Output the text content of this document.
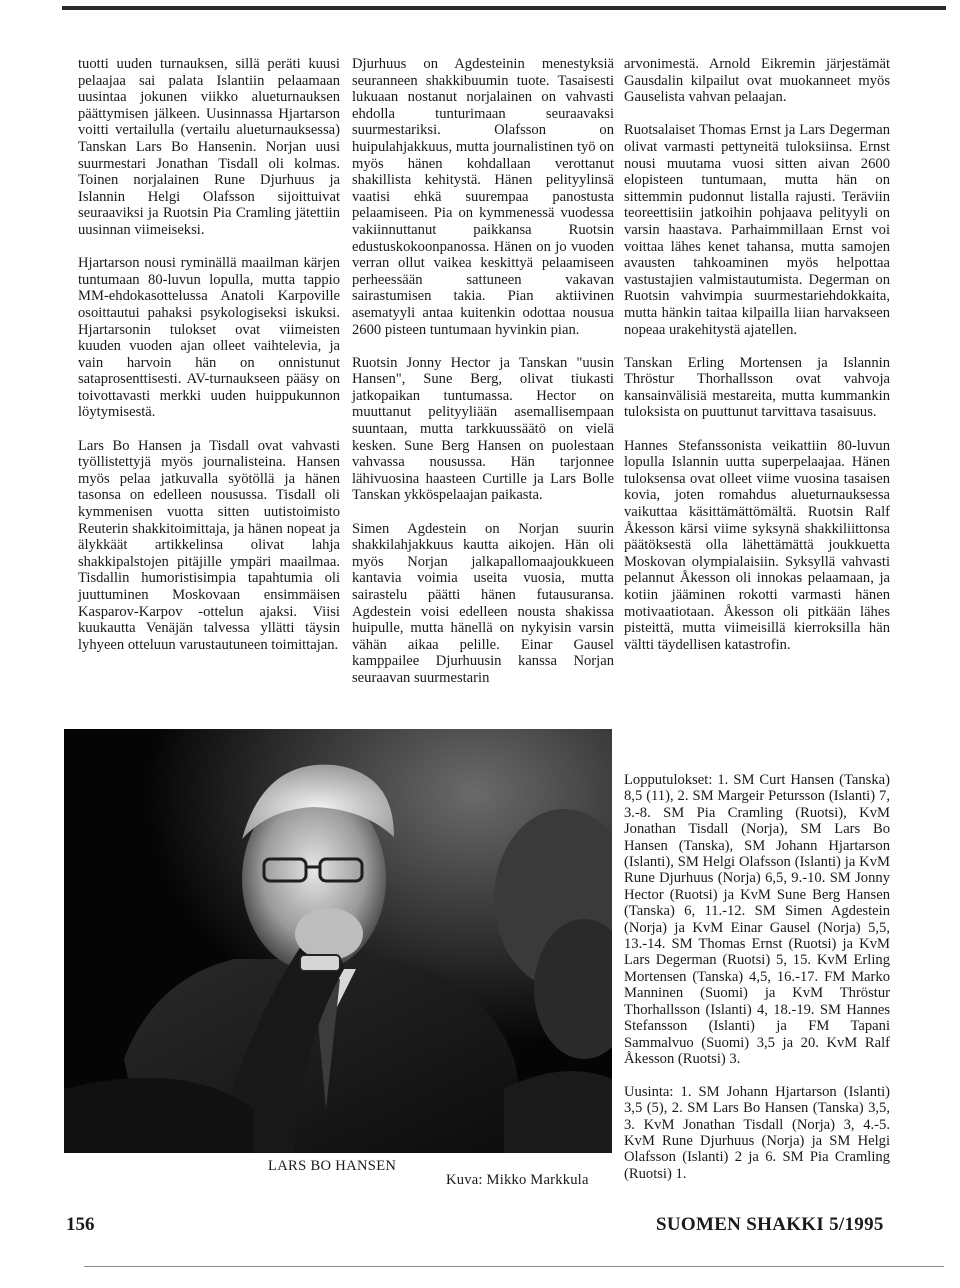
tuotti uuden turnauksen, sillä peräti kuusi pelaajaa sai palata Islantiin pelaamaan uusintaa jokunen viikko alueturnauksen päättymisen jälkeen. Uusinnassa Hjartarson voitti vertailulla (vertailu alueturnauksessa) Tanskan Lars Bo Hansenin. Norjan uusi suurmestari Jonathan Tisdall oli kolmas. Toinen norjalainen Rune Djurhuus ja Islannin Helgi Olafsson sijoittuivat seuraaviksi ja Ruotsin Pia Cramling jätettiin uusinnan viimeiseksi.

Hjartarson nousi ryminällä maailman kärjen tuntumaan 80-luvun lopulla, mutta tappio MM-ehdokasottelussa Anatoli Karpoville osoittautui pahaksi psykologiseksi iskuksi. Hjartarsonin tulokset ovat viimeisten kuuden vuoden ajan olleet vaihtelevia, ja vain harvoin hän on onnistunut sataprosenttisesti. AV-turnaukseen pääsy on toivottavasti merkki uuden huippukunnon löytymisestä.

Lars Bo Hansen ja Tisdall ovat vahvasti työllistettyjä myös journalisteina. Hansen myös pelaa jatkuvalla syötöllä ja hänen tasonsa on edelleen nousussa. Tisdall oli kymmenisen vuotta sitten uutistoimisto Reuterin shakkitoimittaja, ja hänen nopeat ja älykkäät artikkelinsa olivat lahja shakkipalstojen pitäjille ympäri maailmaa. Tisdallin humoristisimpia tapahtumia oli juuttuminen Moskovaan ensimmäisen Kasparov-Karpov -ottelun ajaksi. Viisi kuukautta Venäjän talvessa yllätti täysin lyhyeen otteluun varustautuneen toimittajan.

Djurhuus on Agdesteinin menestyksiä seuranneen shakkibuumin tuote. Tasaisesti lukuaan nostanut norjalainen on vahvasti ehdolla tunturimaan seuraavaksi suurmestariksi. Olafsson on huipulahjakkuus, mutta journalistinen työ on myös hänen kohdallaan verottanut shakillista kehitystä. Hänen pelityylinsä vaatisi ehkä suurempaa panostusta pelaamiseen. Pia on kymmenessä vuodessa vakiinnuttanut paikkansa Ruotsin edustuskokoonpanossa. Hänen on jo vuoden verran ollut vaikea keskittyä pelaamiseen perheessään sattuneen vakavan sairastumisen takia. Pian aktiivinen asematyyli antaa kuitenkin odottaa nousua 2600 pisteen tuntumaan hyvinkin pian.

Ruotsin Jonny Hector ja Tanskan "uusin Hansen", Sune Berg, olivat tiukasti jatkopaikan tuntumassa. Hector on muuttanut pelityyliään asemallisempaan suuntaan, mutta tarkkuussäätö on vielä kesken. Sune Berg Hansen on puolestaan vahvassa nousussa. Hän tarjonnee lähivuosina haasteen Curtille ja Lars Bolle Tanskan ykköspelaajan paikasta.

Simen Agdestein on Norjan suurin shakkilahjakkuus kautta aikojen. Hän oli myös Norjan jalkapallomaajoukkueen kantavia voimia useita vuosia, mutta sairastelu päätti hänen futausuransa. Agdestein voisi edelleen nousta shakissa huipulle, mutta hänellä on nykyisin varsin vähän aikaa pelille. Einar Gausel kamppailee Djurhuusin kanssa Norjan seuraavan suurmestarin

arvonimestä. Arnold Eikremin järjestämät Gausdalin kilpailut ovat muokanneet myös Gauselista vahvan pelaajan.

Ruotsalaiset Thomas Ernst ja Lars Degerman olivat varmasti pettyneitä tuloksiinsa. Ernst nousi muutama vuosi sitten aivan 2600 elopisteen tuntumaan, mutta hän on sittemmin pudonnut listalla rajusti. Teräviin teoreettisiin jatkoihin pohjaava pelityyli on varsin haastava. Parhaimmillaan Ernst voi voittaa lähes kenet tahansa, mutta samojen avausten tahkoaminen myös helpottaa vastustajien valmistautumista. Degerman on Ruotsin vahvimpia suurmestariehdokkaita, mutta hänkin taitaa kilpailla liian harvakseen nopeaa urakehitystä ajatellen.

Tanskan Erling Mortensen ja Islannin Thröstur Thorhallsson ovat vahvoja kansainvälisiä mestareita, mutta kummankin tuloksista on puuttunut tarvittava tasaisuus.

Hannes Stefanssonista veikattiin 80-luvun lopulla Islannin uutta superpelaajaa. Hänen tuloksensa ovat olleet viime vuosina tasaisen kovia, joten romahdus alueturnauksessa vaikuttaa käsittämättömältä. Ruotsin Ralf Åkesson kärsi viime syksynä shakkiliittonsa päätöksestä olla lähettämättä joukkuetta Moskovan olympialaisiin. Syksyllä vahvasti pelannut Åkesson oli innokas pelaamaan, ja kotiin jääminen rokotti varmasti hänen motivaatiotaan. Åkesson oli pitkään lähes pisteittä, mutta viimeisillä kierroksilla hän vältti täydellisen katastrofin.

Lopputulokset: 1. SM Curt Hansen (Tanska) 8,5 (11), 2. SM Margeir Petursson (Islanti) 7, 3.-8. SM Pia Cramling (Ruotsi), KvM Jonathan Tisdall (Norja), SM Lars Bo Hansen (Tanska), SM Johann Hjartarson (Islanti), SM Helgi Olafsson (Islanti) ja KvM Rune Djurhuus (Norja) 6,5, 9.-10. SM Jonny Hector (Ruotsi) ja KvM Sune Berg Hansen (Tanska) 6, 11.-12. SM Simen Agdestein (Norja) ja KvM Einar Gausel (Norja) 5,5, 13.-14. SM Thomas Ernst (Ruotsi) ja KvM Lars Degerman (Ruotsi) 5, 15. KvM Erling Mortensen (Tanska) 4,5, 16.-17. FM Marko Manninen (Suomi) ja KvM Thröstur Thorhallsson (Islanti) 4, 18.-19. SM Hannes Stefansson (Islanti) ja FM Tapani Sammalvuo (Suomi) 3,5 ja 20. KvM Ralf Åkesson (Ruotsi) 3.

Uusinta: 1. SM Johann Hjartarson (Islanti) 3,5 (5), 2. SM Lars Bo Hansen (Tanska) 3,5, 3. KvM Jonathan Tisdall (Norja) 3, 4.-5. KvM Rune Djurhuus (Norja) ja SM Helgi Olafsson (Islanti) 2 ja 6. SM Pia Cramling (Ruotsi) 1.

LARS BO HANSEN
Kuva: Mikko Markkula
156	SUOMEN SHAKKI 5/1995
